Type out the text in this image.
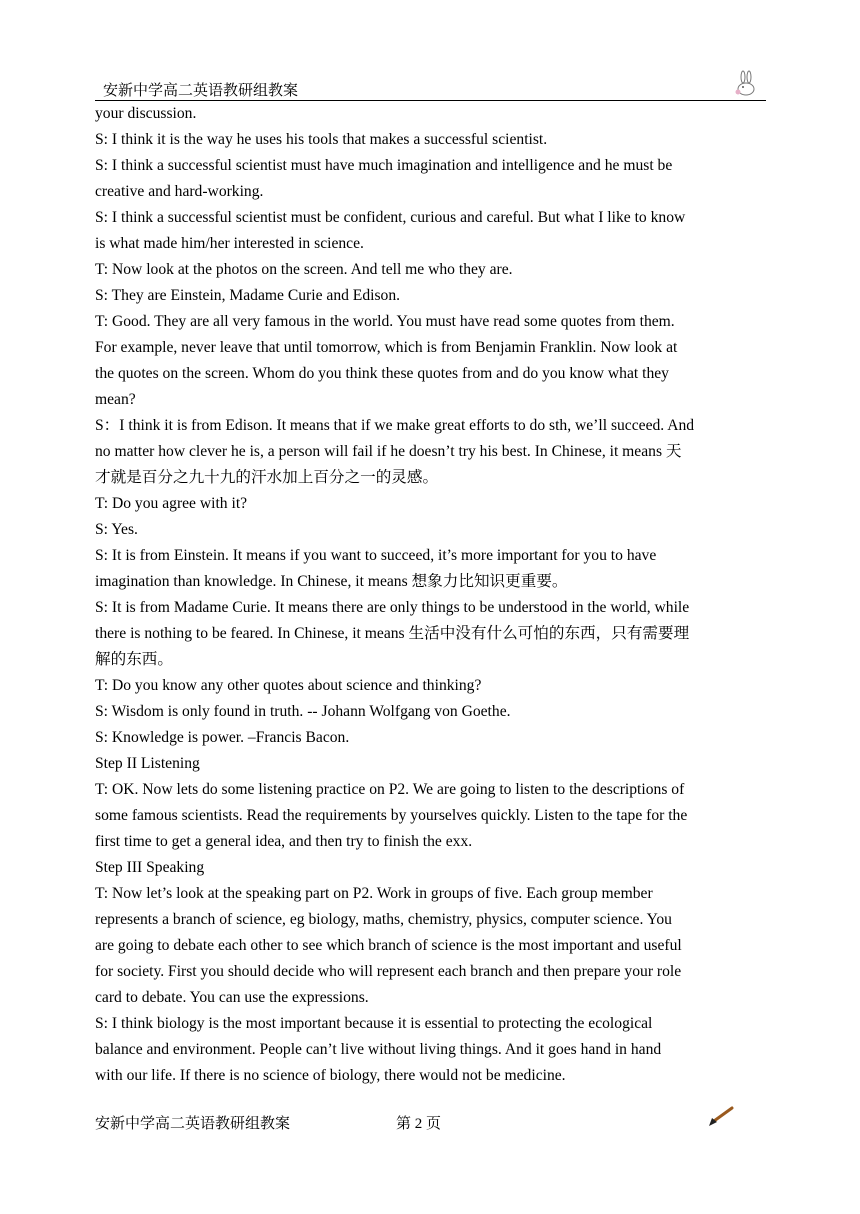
安新中学高二英语教研组教案
your discussion.
S: I think it is the way he uses his tools that makes a successful scientist.
S: I think a successful scientist must have much imagination and intelligence and he must be
creative and hard-working.
S: I think a successful scientist must be confident, curious and careful. But what I like to know
is what made him/her interested in science.
T: Now look at the photos on the screen. And tell me who they are.
S: They are Einstein, Madame Curie and Edison.
T: Good. They are all very famous in the world. You must have read some quotes from them.
For example, never leave that until tomorrow, which is from Benjamin Franklin. Now look at
the quotes on the screen. Whom do you think these quotes from and do you know what they
mean?
S：I think it is from Edison. It means that if we make great efforts to do sth, we’ll succeed. And
no matter how clever he is, a person will fail if he doesn’t try his best. In Chinese, it means 天
才就是百分之九十九的汗水加上百分之一的灵感。
T: Do you agree with it?
S: Yes.
S: It is from Einstein. It means if you want to succeed, it’s more important for you to have
imagination than knowledge. In Chinese, it means 想象力比知识更重要。
S: It is from Madame Curie. It means there are only things to be understood in the world, while
there is nothing to be feared. In Chinese, it means 生活中没有什么可怕的东西，只有需要理
解的东西。
T: Do you know any other quotes about science and thinking?
S: Wisdom is only found in truth. -- Johann Wolfgang von Goethe.
S: Knowledge is power. –Francis Bacon.
Step II Listening
T: OK. Now lets do some listening practice on P2. We are going to listen to the descriptions of
some famous scientists. Read the requirements by yourselves quickly. Listen to the tape for the
first time to get a general idea, and then try to finish the exx.
Step III Speaking
T: Now let’s look at the speaking part on P2. Work in groups of five. Each group member
represents a branch of science, eg biology, maths, chemistry, physics, computer science. You
are going to debate each other to see which branch of science is the most important and useful
for society. First you should decide who will represent each branch and then prepare your role
card to debate. You can use the expressions.
S: I think biology is the most important because it is essential to protecting the ecological
balance and environment. People can’t live without living things. And it goes hand in hand
with our life. If there is no science of biology, there would not be medicine.
安新中学高二英语教研组教案	第 2 页
